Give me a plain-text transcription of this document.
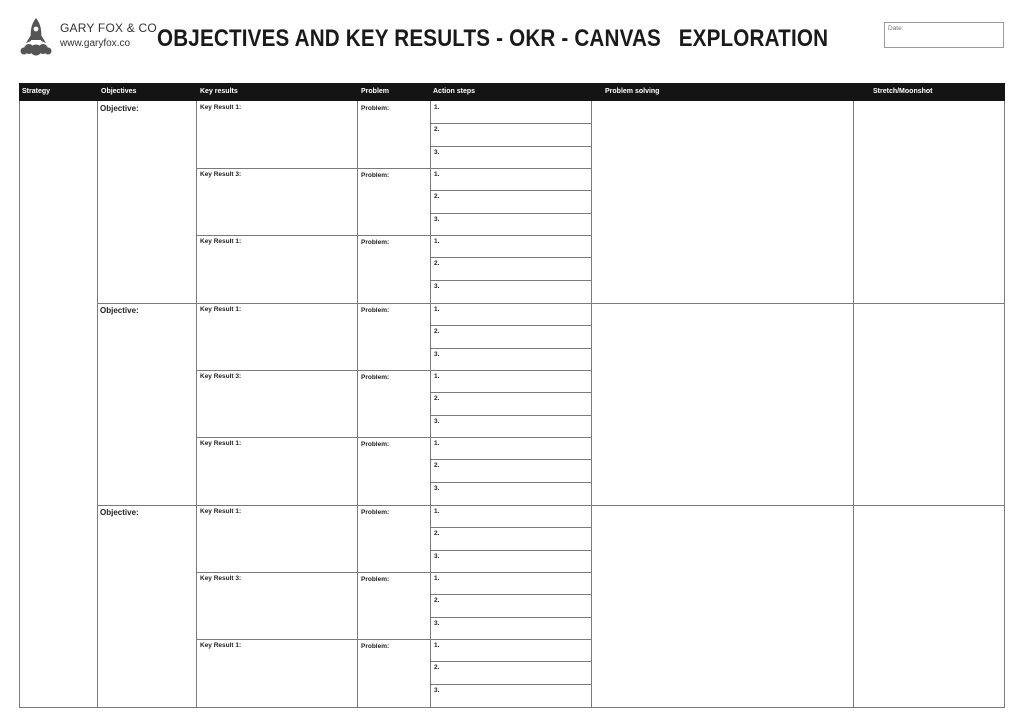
GARY FOX & CO
www.garyfox.co OBJECTIVES AND KEY RESULTS - OKR - CANVAS   EXPLORATION	Date:
Strategy	Objectives	Key results	Problem	Action steps	Problem solving	Stretch/Moonshot
Objective:	Key Result 1:	Problem:	1.
2.
3.
Key Result 3:	Problem:	1.
2.
3.
Key Result 1:	Problem:	1.
2.
3.
Objective:	Key Result 1:	Problem:	1.
2.
3.
Key Result 3:	Problem:	1.
2.
3.
Key Result 1:	Problem:	1.
2.
3.
Objective:	Key Result 1:	Problem:	1.
2.
3.
Key Result 3:	Problem:	1.
2.
3.
Key Result 1:	Problem:	1.
2.
3.
